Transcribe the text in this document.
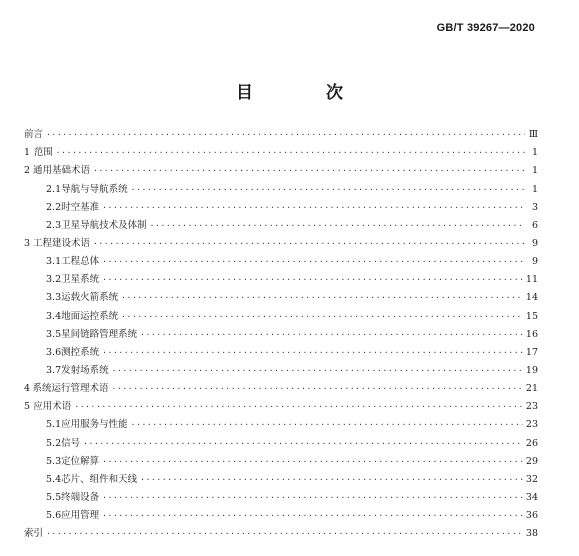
GB/T 39267—2020
目　次
前言 ·····	Ⅲ
1 范围 ·····	1
2 通用基础术语 ·····	1
2.1 导航与导航系统 ·····	1
2.2 时空基准 ·····	3
2.3 卫星导航技术及体制 ·····	6
3 工程建设术语 ·····	9
3.1 工程总体 ·····	9
3.2 卫星系统 ·····	11
3.3 运载火箭系统 ·····	14
3.4 地面运控系统 ·····	15
3.5 星间链路管理系统 ·····	16
3.6 测控系统 ·····	17
3.7 发射场系统 ·····	19
4 系统运行管理术语 ·····	21
5 应用术语 ·····	23
5.1 应用服务与性能 ·····	23
5.2 信号 ·····	26
5.3 定位解算 ·····	29
5.4 芯片、组件和天线 ·····	32
5.5 终端设备 ·····	34
5.6 应用管理 ·····	36
索引 ·····	38
